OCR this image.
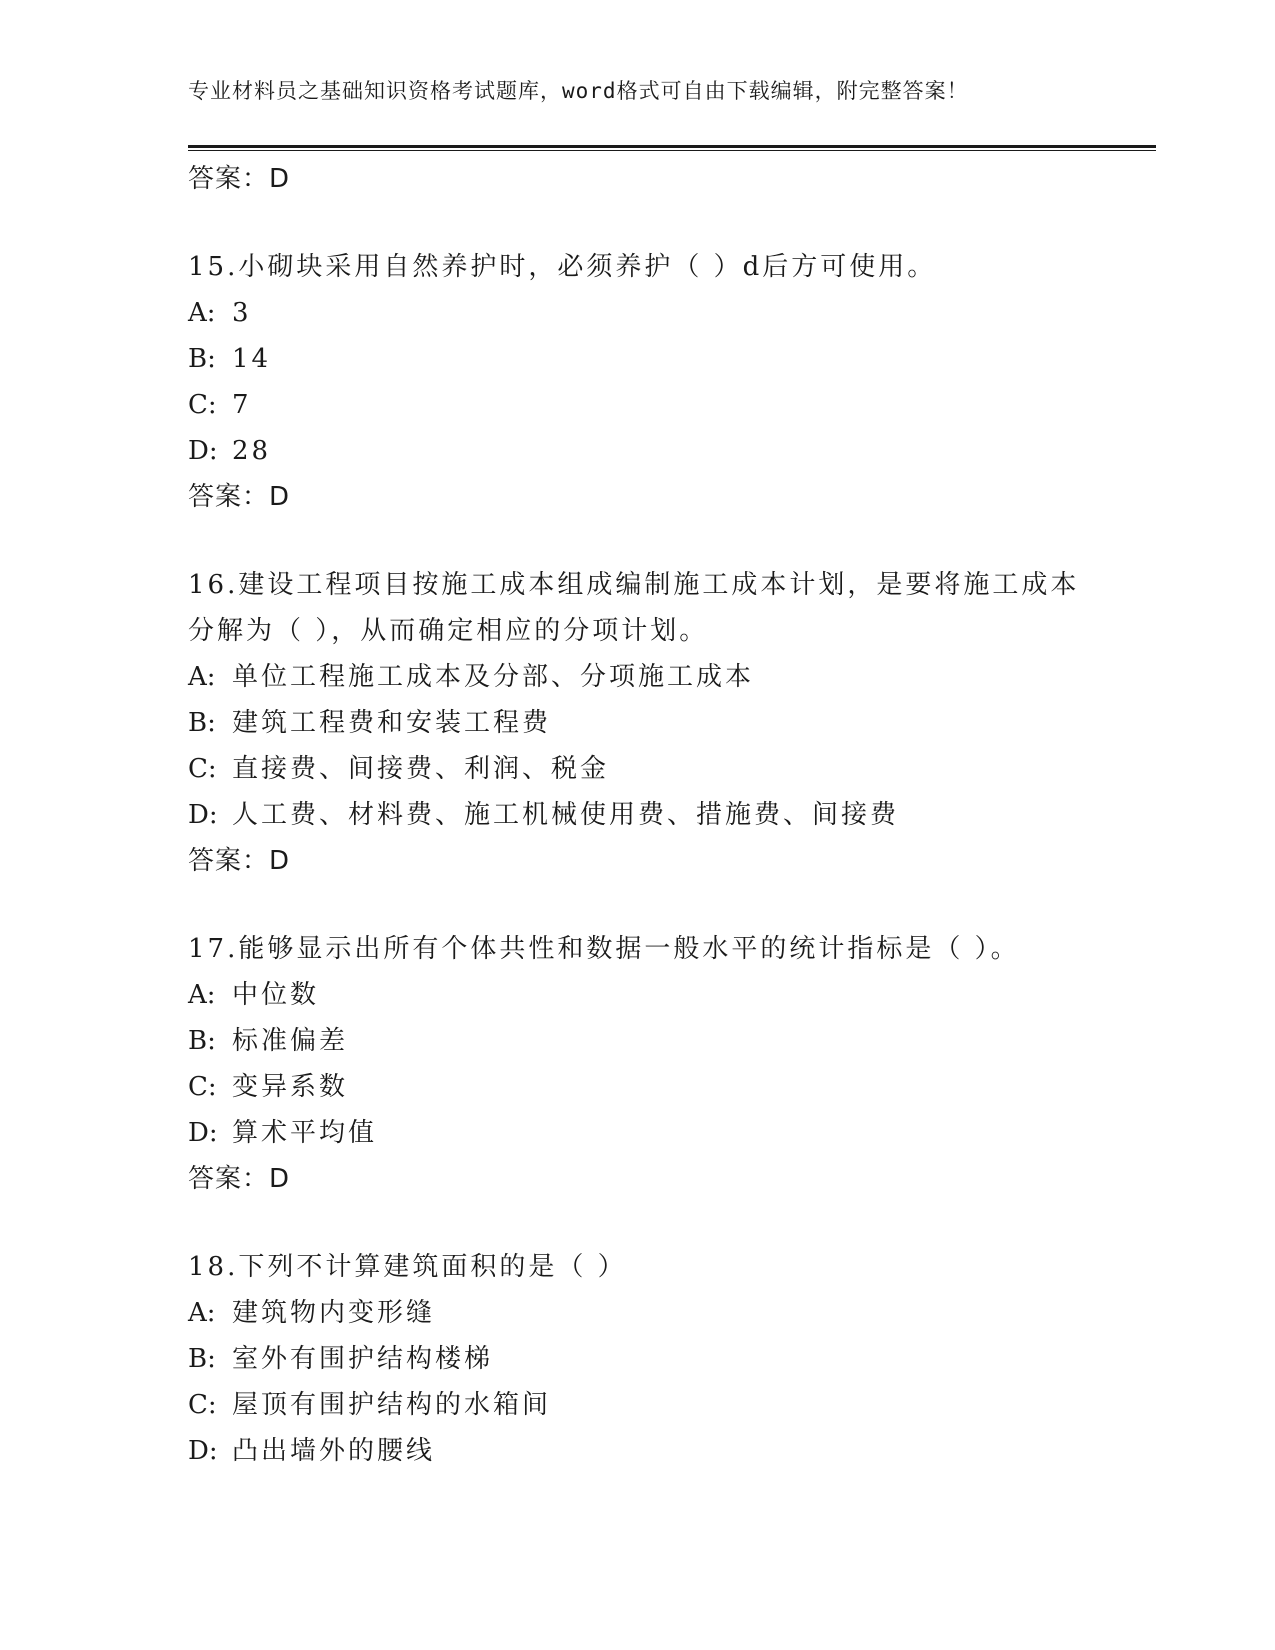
专业材料员之基础知识资格考试题库，word格式可自由下载编辑，附完整答案！
答案：D
15.小砌块采用自然养护时，必须养护（ ）d后方可使用。
A: 3
B: 14
C: 7
D: 28
答案：D
16.建设工程项目按施工成本组成编制施工成本计划，是要将施工成本
分解为（ ），从而确定相应的分项计划。
A: 单位工程施工成本及分部、分项施工成本
B: 建筑工程费和安装工程费
C: 直接费、间接费、利润、税金
D: 人工费、材料费、施工机械使用费、措施费、间接费
答案：D
17.能够显示出所有个体共性和数据一般水平的统计指标是（ ）。
A: 中位数
B: 标准偏差
C: 变异系数
D: 算术平均值
答案：D
18.下列不计算建筑面积的是（ ）
A: 建筑物内变形缝
B: 室外有围护结构楼梯
C: 屋顶有围护结构的水箱间
D: 凸出墙外的腰线
